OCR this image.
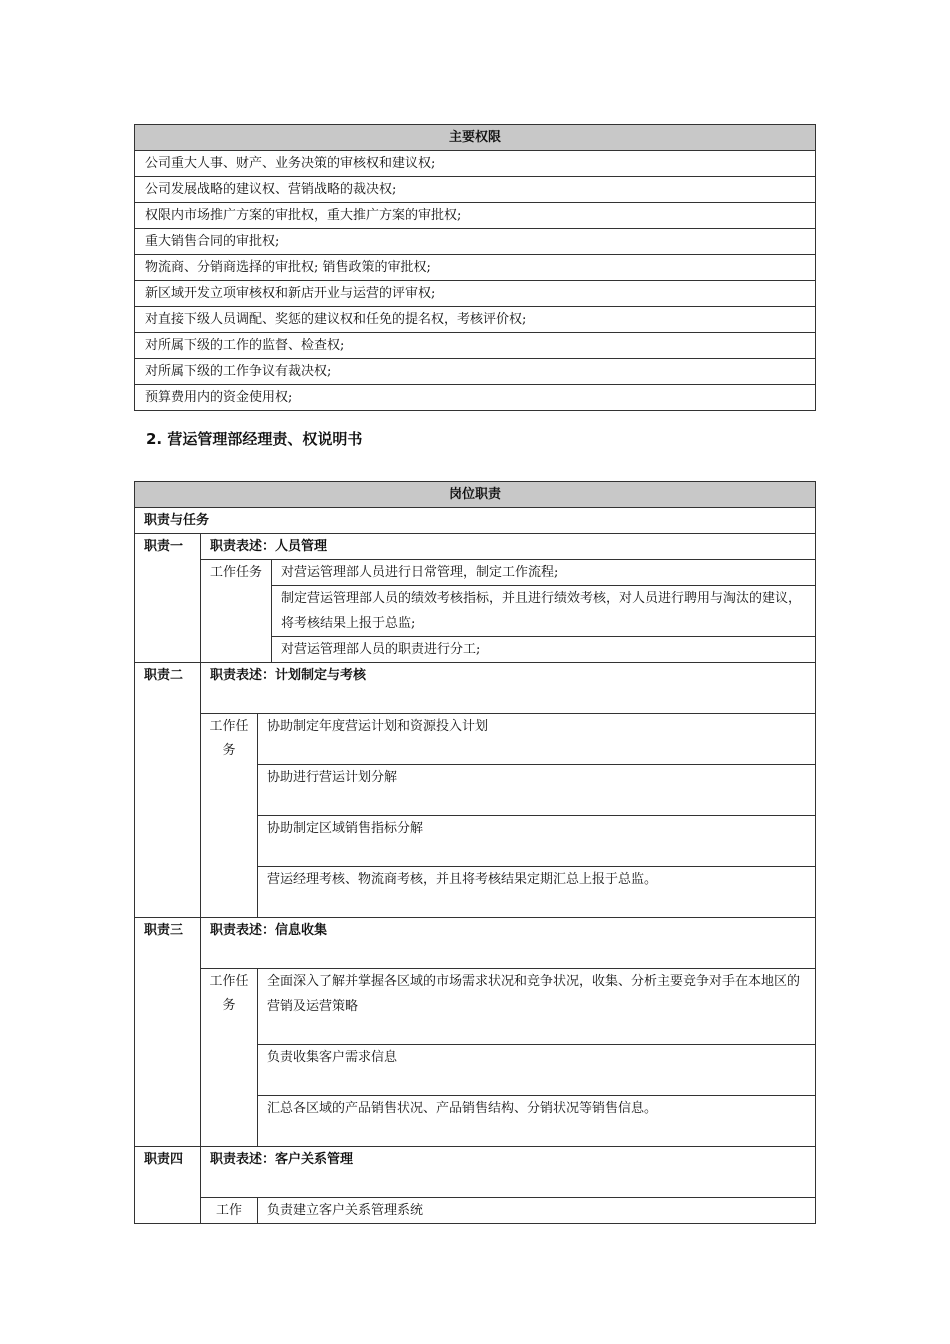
主要权限
公司重大人事、财产、业务决策的审核权和建议权;
公司发展战略的建议权、营销战略的裁决权;
权限内市场推广方案的审批权，重大推广方案的审批权;
重大销售合同的审批权;
物流商、分销商选择的审批权; 销售政策的审批权;
新区域开发立项审核权和新店开业与运营的评审权;
对直接下级人员调配、奖惩的建议权和任免的提名权，考核评价权;
对所属下级的工作的监督、检查权;
对所属下级的工作争议有裁决权;
预算费用内的资金使用权;
2. 营运管理部经理责、权说明书
岗位职责			
职责与任务			
职责一	职责表述：人员管理		
	工作任务		对营运管理部人员进行日常管理，制定工作流程;
			制定营运管理部人员的绩效考核指标，并且进行绩效考核，对人员进行聘用与淘汰的建议，将考核结果上报于总监;
			对营运管理部人员的职责进行分工;
职责二	职责表述：计划制定与考核		
	工作任务	协助制定年度营运计划和资源投入计划	
		协助进行营运计划分解	
		协助制定区域销售指标分解	
		营运经理考核、物流商考核，并且将考核结果定期汇总上报于总监。	
职责三	职责表述：信息收集		
	工作任务	全面深入了解并掌握各区域的市场需求状况和竞争状况，收集、分析主要竞争对手在本地区的营销及运营策略	
		负责收集客户需求信息	
		汇总各区域的产品销售状况、产品销售结构、分销状况等销售信息。	
职责四	职责表述：客户关系管理		
	工作	负责建立客户关系管理系统	
